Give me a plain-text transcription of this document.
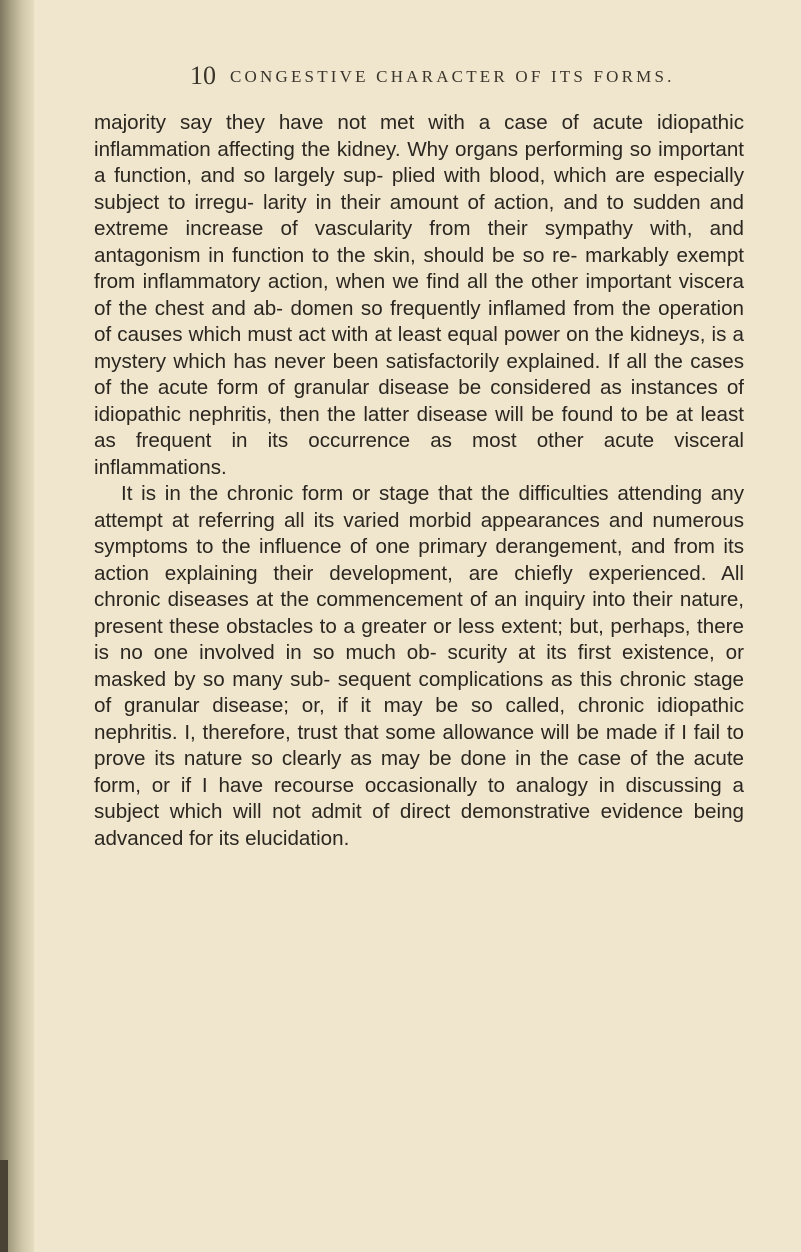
10 CONGESTIVE CHARACTER OF ITS FORMS.

majority say they have not met with a case of acute idiopathic inflammation affecting the kidney. Why organs performing so important a function, and so largely sup- plied with blood, which are especially subject to irregu- larity in their amount of action, and to sudden and extreme increase of vascularity from their sympathy with, and antagonism in function to the skin, should be so re- markably exempt from inflammatory action, when we find all the other important viscera of the chest and ab- domen so frequently inflamed from the operation of causes which must act with at least equal power on the kidneys, is a mystery which has never been satisfactorily explained. If all the cases of the acute form of granular disease be considered as instances of idiopathic nephritis, then the latter disease will be found to be at least as frequent in its occurrence as most other acute visceral inflammations.

It is in the chronic form or stage that the difficulties attending any attempt at referring all its varied morbid appearances and numerous symptoms to the influence of one primary derangement, and from its action explaining their development, are chiefly experienced. All chronic diseases at the commencement of an inquiry into their nature, present these obstacles to a greater or less extent; but, perhaps, there is no one involved in so much ob- scurity at its first existence, or masked by so many sub- sequent complications as this chronic stage of granular disease; or, if it may be so called, chronic idiopathic nephritis. I, therefore, trust that some allowance will be made if I fail to prove its nature so clearly as may be done in the case of the acute form, or if I have recourse occasionally to analogy in discussing a subject which will not admit of direct demonstrative evidence being advanced for its elucidation.
